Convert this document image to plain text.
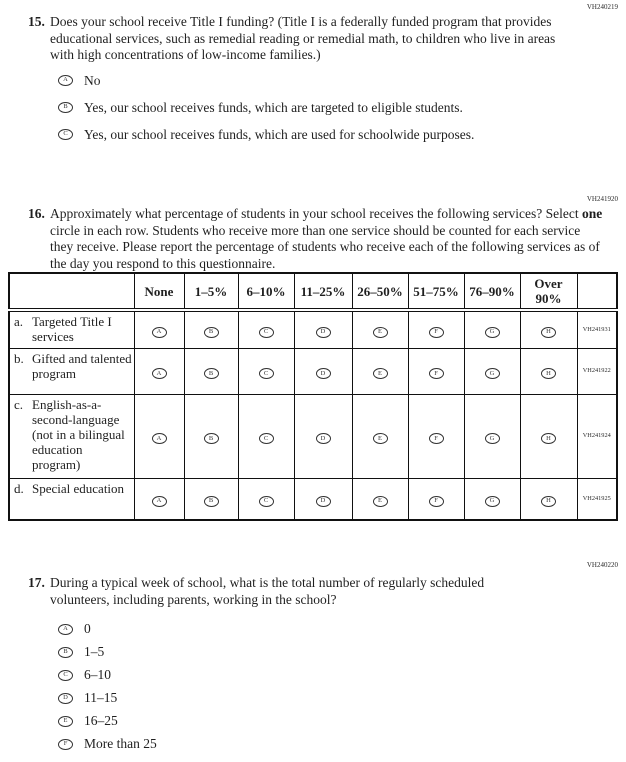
VH240219
15. Does your school receive Title I funding? (Title I is a federally funded program that provides educational services, such as remedial reading or remedial math, to children who live in areas with high concentrations of low-income families.)
A	No
B	Yes, our school receives funds, which are targeted to eligible students.
C	Yes, our school receives funds, which are used for schoolwide purposes.
VH241920
16. Approximately what percentage of students in your school receives the following services? Select one circle in each row. Students who receive more than one service should be counted for each service they receive. Please report the percentage of students who receive each of the following services as of the day you respond to this questionnaire.
	None	1–5%	6–10%	11–25%	26–50%	51–75%	76–90%	Over 90%	

a. Targeted Title I services	A	B	C	D	E	F	G	H	VH241931

b. Gifted and talented program	A	B	C	D	E	F	G	H	VH241922

c. English-as-a-second-language (not in a bilingual education program)	A	B	C	D	E	F	G	H	VH241924

d. Special education	A	B	C	D	E	F	G	H	VH241925
VH240220
17. During a typical week of school, what is the total number of regularly scheduled volunteers, including parents, working in the school?
A	0
B	1–5
C	6–10
D	11–15
E	16–25
F	More than 25
